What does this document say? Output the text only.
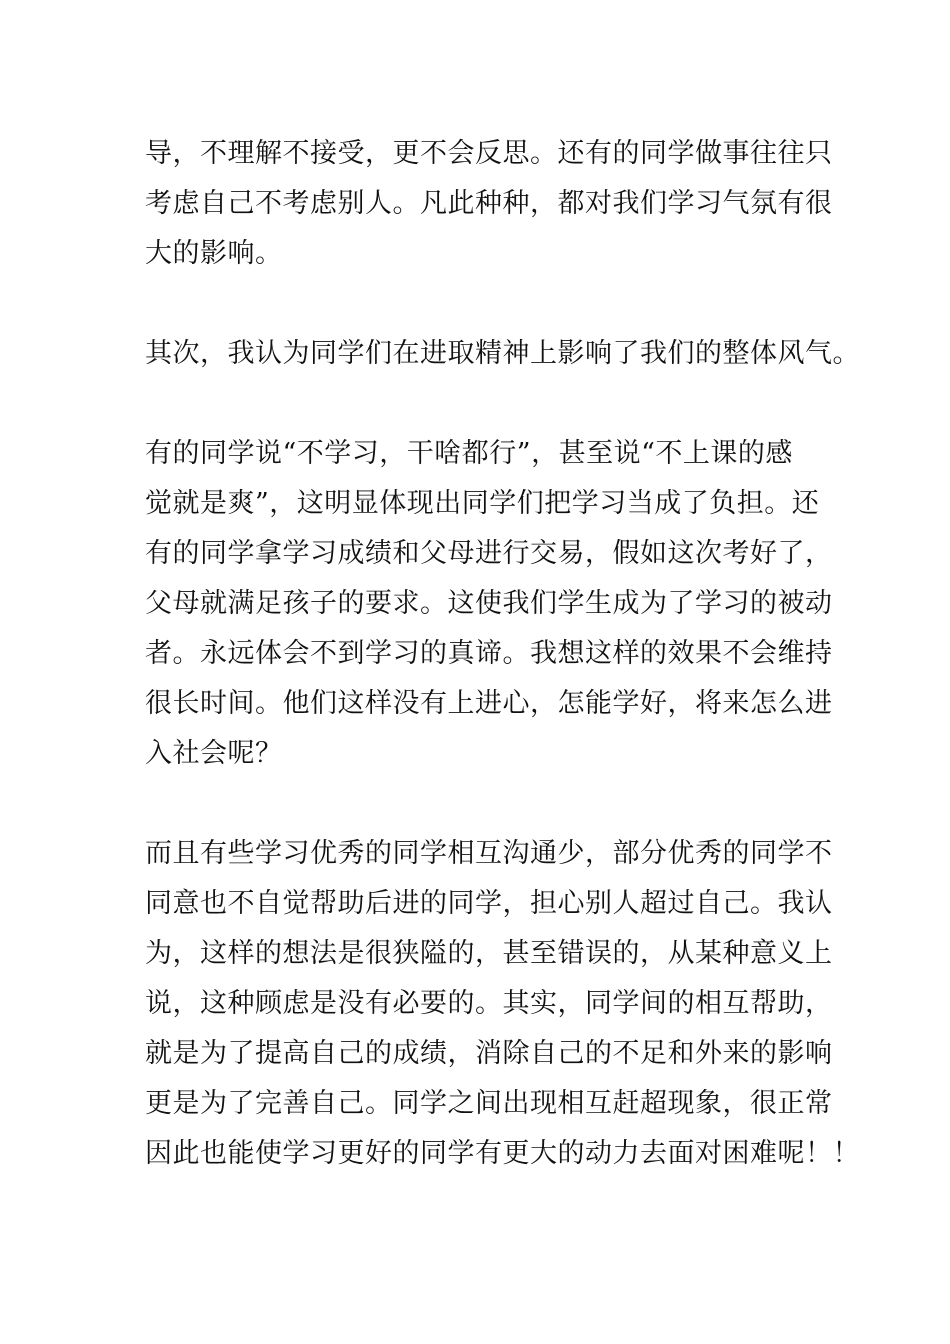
导，不理解不接受，更不会反思。还有的同学做事往往只
考虑自己不考虑别人。凡此种种，都对我们学习气氛有很
大的影响。
其次，我认为同学们在进取精神上影响了我们的整体风气。
有的同学说“不学习，干啥都行”，甚至说“不上课的感
觉就是爽”，这明显体现出同学们把学习当成了负担。还
有的同学拿学习成绩和父母进行交易，假如这次考好了，
父母就满足孩子的要求。这使我们学生成为了学习的被动
者。永远体会不到学习的真谛。我想这样的效果不会维持
很长时间。他们这样没有上进心，怎能学好，将来怎么进
入社会呢？
而且有些学习优秀的同学相互沟通少，部分优秀的同学不
同意也不自觉帮助后进的同学，担心别人超过自己。我认
为，这样的想法是很狭隘的，甚至错误的，从某种意义上
说，这种顾虑是没有必要的。其实，同学间的相互帮助，
就是为了提高自己的成绩，消除自己的不足和外来的影响
更是为了完善自己。同学之间出现相互赶超现象，很正常
因此也能使学习更好的同学有更大的动力去面对困难呢！！
